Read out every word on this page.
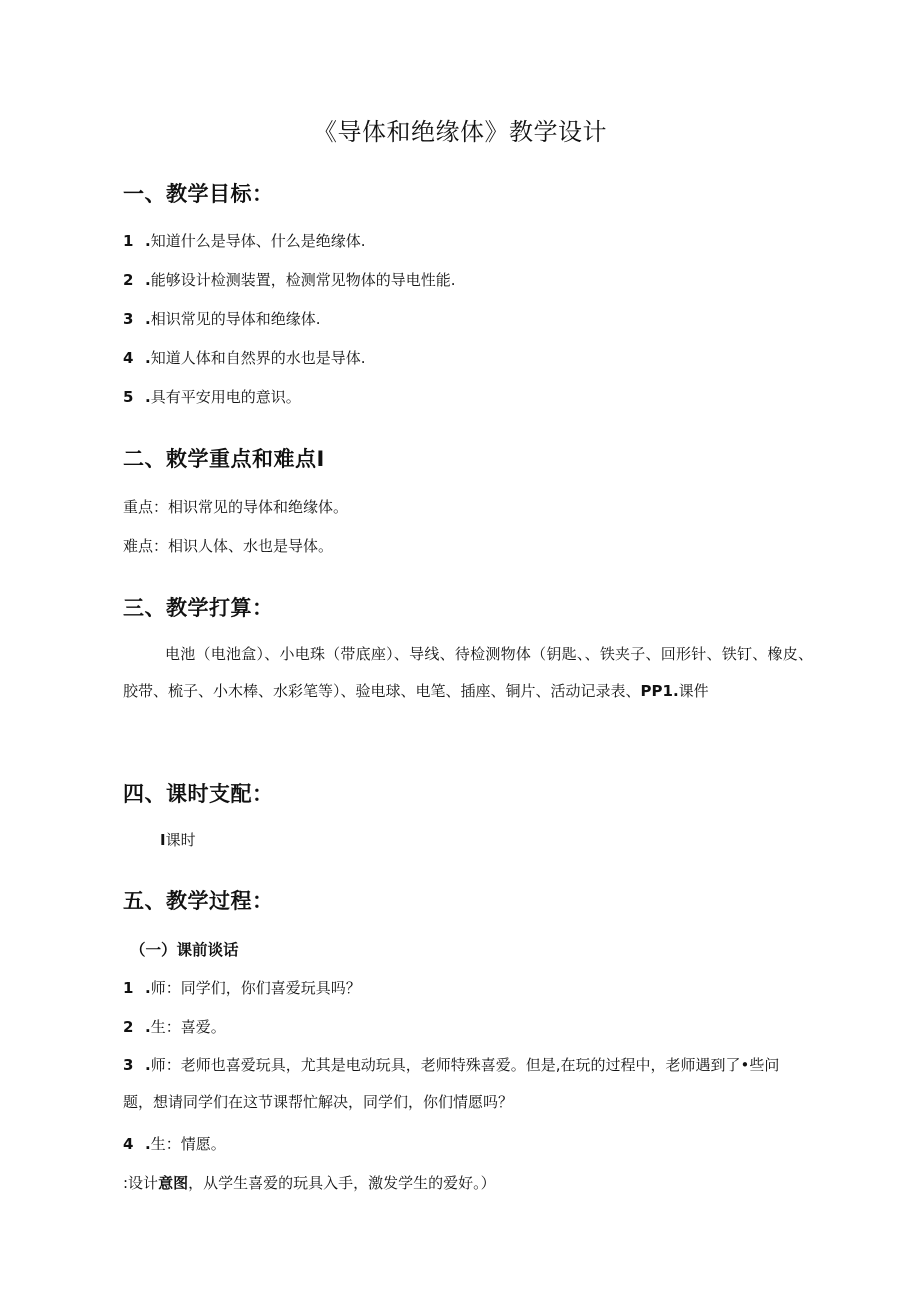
《导体和绝缘体》教学设计
一、教学目标：
1 .知道什么是导体、什么是绝缘体.
2 .能够设计检测装置，检测常见物体的导电性能.
3 .相识常见的导体和绝缘体.
4 .知道人体和自然界的水也是导体.
5 .具有平安用电的意识。
二、敕学重点和难点I
重点：相识常见的导体和绝缘体。
难点：相识人体、水也是导体。
三、教学打算：
电池（电池盒）、小电珠（带底座）、导线、待检测物体（钥匙、、铁夹子、回形针、铁钉、橡皮、胶带、梳子、小木棒、水彩笔等）、验电球、电笔、插座、铜片、活动记录表、PP1.课件
四、课时支配：
I课时
五、教学过程：
（一）课前谈话
1 .师：同学们，你们喜爱玩具吗？
2 .生：喜爱。
3 .师：老师也喜爱玩具，尤其是电动玩具，老师特殊喜爱。但是,在玩的过程中，老师遇到了•些问题，想请同学们在这节课帮忙解决，同学们，你们情愿吗？
4 .生：情愿。
:设计意图，从学生喜爱的玩具入手，激发学生的爱好。）
